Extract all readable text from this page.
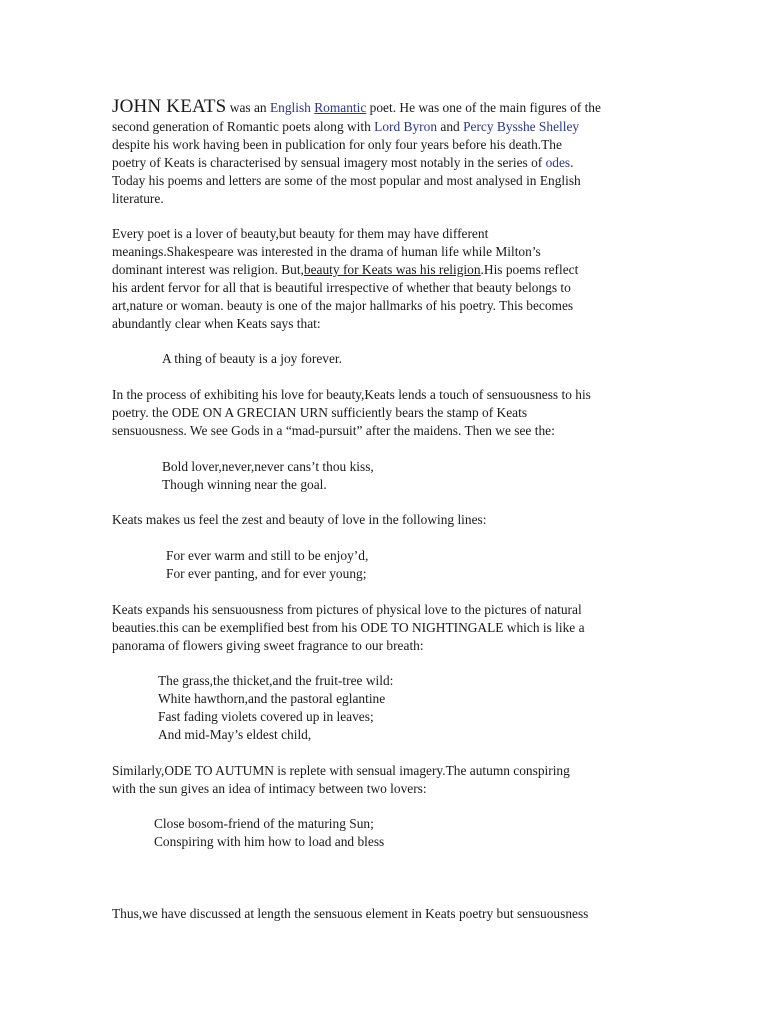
JOHN KEATS was an English Romantic poet. He was one of the main figures of the
second generation of Romantic poets along with Lord Byron and Percy Bysshe Shelley
despite his work having been in publication for only four years before his death.The
poetry of Keats is characterised by sensual imagery most notably in the series of odes.
Today his poems and letters are some of the most popular and most analysed in English
literature.
Every poet is a lover of beauty,but beauty for them may have different
meanings.Shakespeare was interested in the drama of human life while Milton’s
dominant interest was religion. But,beauty for Keats was his religion.His poems reflect
his ardent fervor for all that is beautiful irrespective of whether that beauty belongs to
art,nature or woman. beauty is one of the major hallmarks of his poetry. This becomes
abundantly clear when Keats says that:
A thing of beauty is a joy forever.
In the process of exhibiting his love for beauty,Keats lends a touch of sensuousness to his
poetry. the ODE ON A GRECIAN URN sufficiently bears the stamp of Keats
sensuousness. We see Gods in a “mad-pursuit” after the maidens. Then we see the:
Bold lover,never,never cans’t thou kiss,
Though winning near the goal.
Keats makes us feel the zest and beauty of love in the following lines:
For ever warm and still to be enjoy’d,
For ever panting, and for ever young;
Keats expands his sensuousness from pictures of physical love to the pictures of natural
beauties.this can be exemplified best from his ODE TO NIGHTINGALE which is like a
panorama of flowers giving sweet fragrance to our breath:
The grass,the thicket,and the fruit-tree wild:
White hawthorn,and the pastoral eglantine
Fast fading violets covered up in leaves;
And mid-May’s eldest child,
Similarly,ODE TO AUTUMN is replete with sensual imagery.The autumn conspiring
with the sun gives an idea of intimacy between two lovers:
Close bosom-friend of the maturing Sun;
Conspiring with him how to load and bless
Thus,we have discussed at length the sensuous element in Keats poetry but sensuousness
